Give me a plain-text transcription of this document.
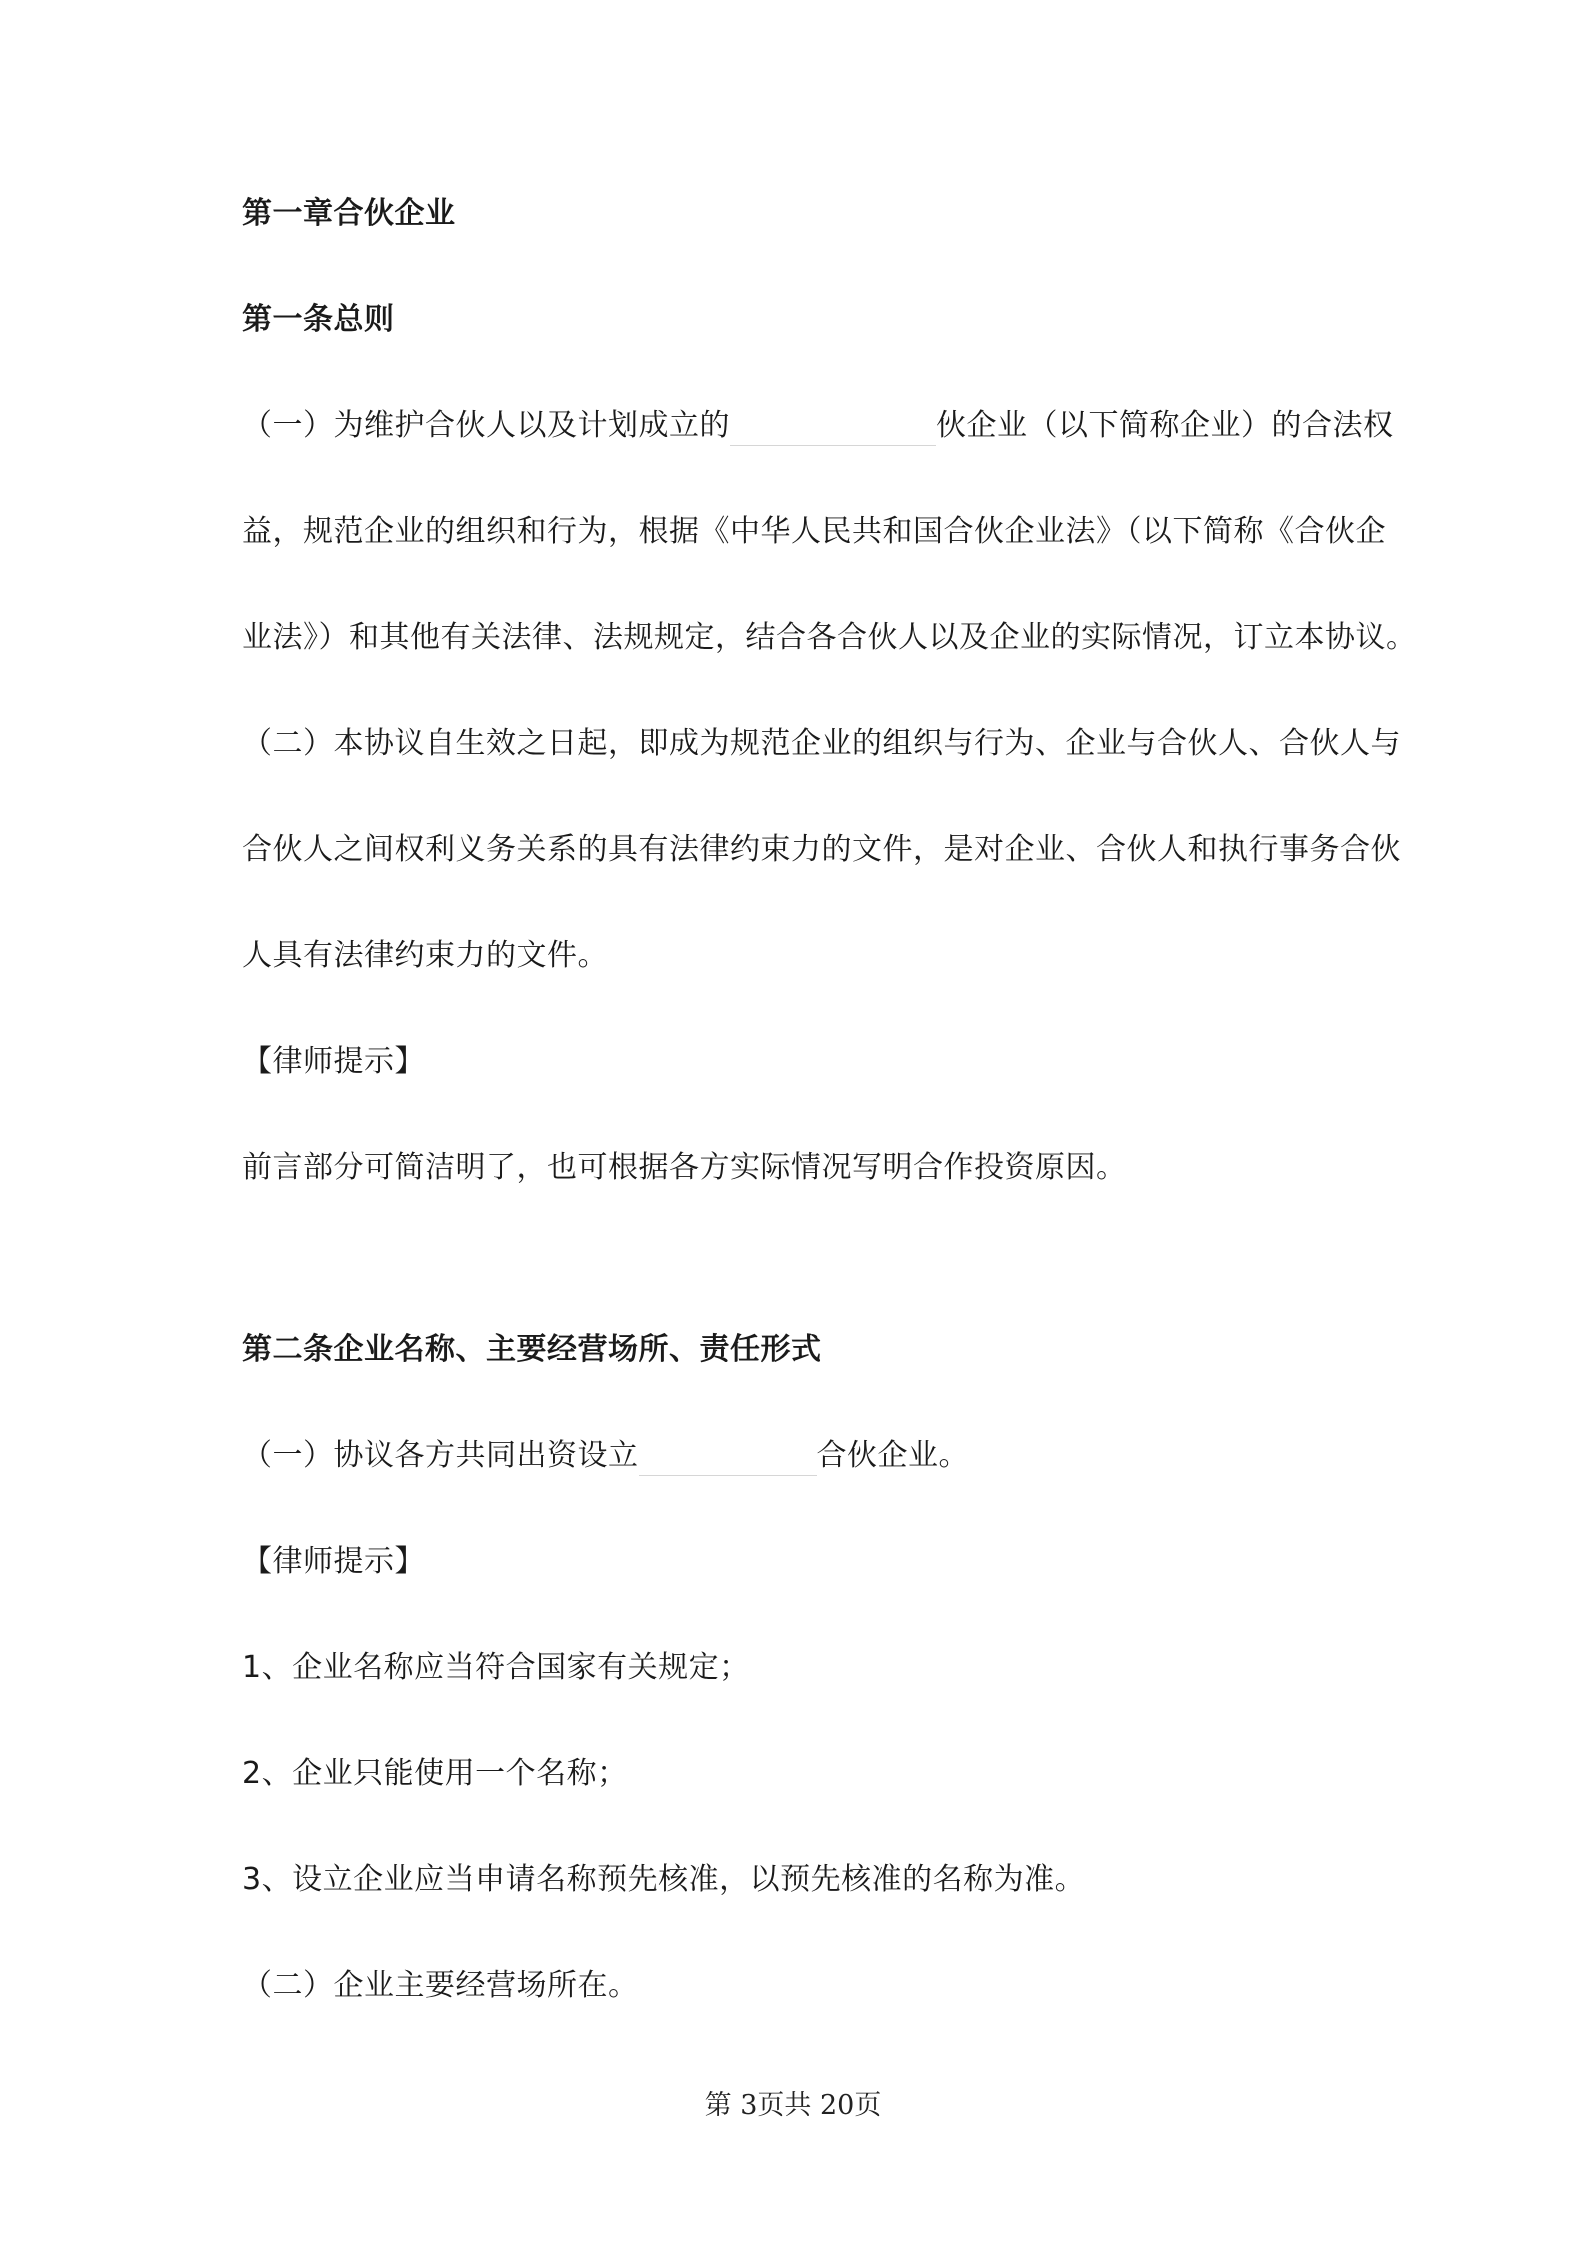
第一章合伙企业
第一条总则
（一）为维护合伙人以及计划成立的	伙企业（以下简称企业）的合法权
益，规范企业的组织和行为，根据《中华人民共和国合伙企业法》（以下简称《合伙企
业法》）和其他有关法律、法规规定，结合各合伙人以及企业的实际情况，订立本协议。
（二）本协议自生效之日起，即成为规范企业的组织与行为、企业与合伙人、合伙人与
合伙人之间权利义务关系的具有法律约束力的文件，是对企业、合伙人和执行事务合伙
人具有法律约束力的文件。
【律师提示】
前言部分可简洁明了，也可根据各方实际情况写明合作投资原因。
第二条企业名称、主要经营场所、责任形式
（一）协议各方共同出资设立	合伙企业。
【律师提示】
1、企业名称应当符合国家有关规定；
2、企业只能使用一个名称；
3、设立企业应当申请名称预先核准，以预先核准的名称为准。
（二）企业主要经营场所在。
第 3页共 20页
